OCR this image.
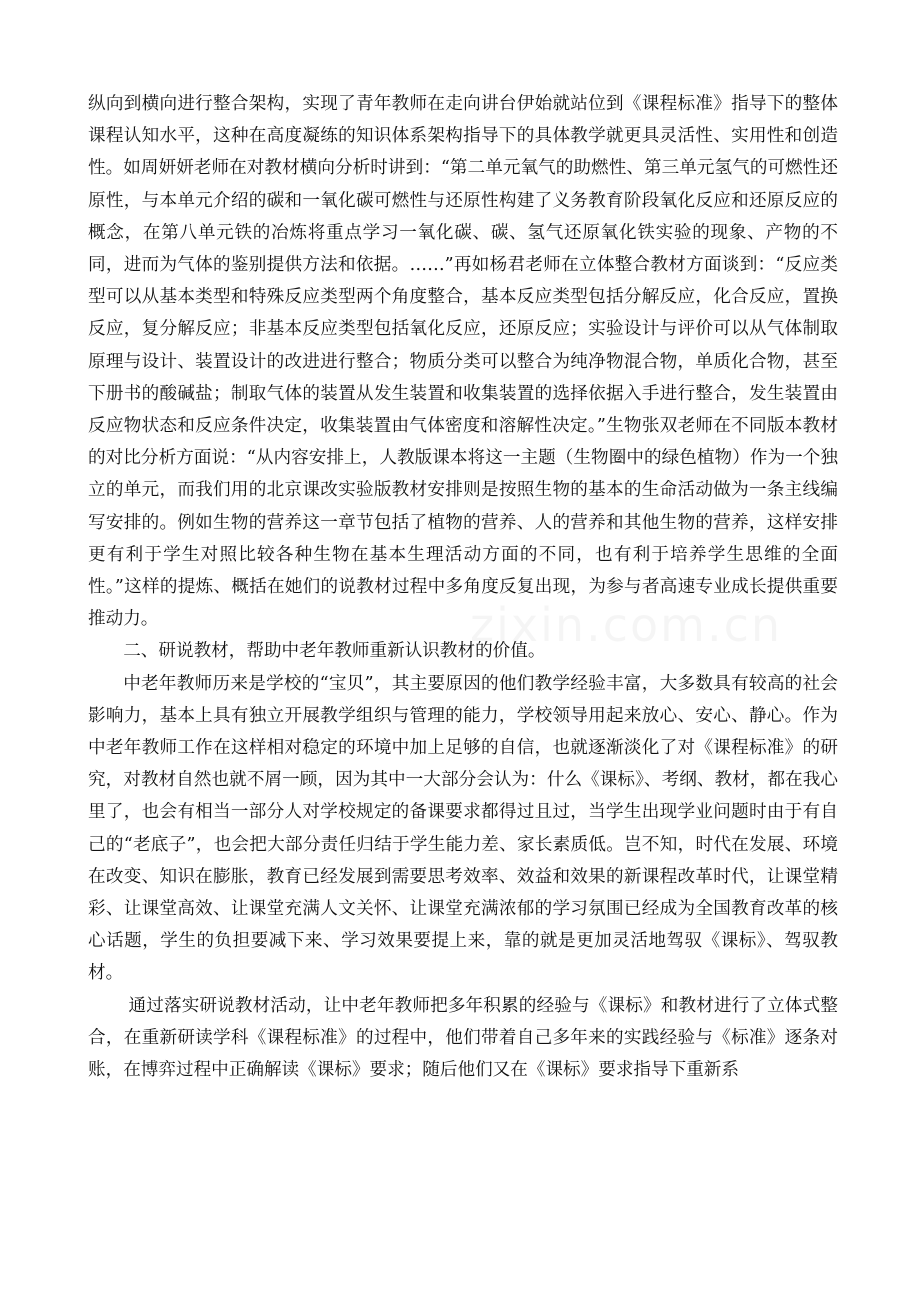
纵向到横向进行整合架构，实现了青年教师在走向讲台伊始就站位到《课程标准》指导下的整体课程认知水平，这种在高度凝练的知识体系架构指导下的具体教学就更具灵活性、实用性和创造性。如周妍妍老师在对教材横向分析时讲到：“第二单元氧气的助燃性、第三单元氢气的可燃性还原性，与本单元介绍的碳和一氧化碳可燃性与还原性构建了义务教育阶段氧化反应和还原反应的概念，在第八单元铁的冶炼将重点学习一氧化碳、碳、氢气还原氧化铁实验的现象、产物的不同，进而为气体的鉴别提供方法和依据。……”再如杨君老师在立体整合教材方面谈到：“反应类型可以从基本类型和特殊反应类型两个角度整合，基本反应类型包括分解反应，化合反应，置换反应，复分解反应；非基本反应类型包括氧化反应，还原反应；实验设计与评价可以从气体制取原理与设计、装置设计的改进进行整合；物质分类可以整合为纯净物混合物，单质化合物，甚至下册书的酸碱盐；制取气体的装置从发生装置和收集装置的选择依据入手进行整合，发生装置由反应物状态和反应条件决定，收集装置由气体密度和溶解性决定。”生物张双老师在不同版本教材的对比分析方面说：“从内容安排上，人教版课本将这一主题（生物圈中的绿色植物）作为一个独立的单元，而我们用的北京课改实验版教材安排则是按照生物的基本的生命活动做为一条主线编写安排的。例如生物的营养这一章节包括了植物的营养、人的营养和其他生物的营养，这样安排更有利于学生对照比较各种生物在基本生理活动方面的不同，也有利于培养学生思维的全面性。”这样的提炼、概括在她们的说教材过程中多角度反复出现，为参与者高速专业成长提供重要推动力。

二、研说教材，帮助中老年教师重新认识教材的价值。

中老年教师历来是学校的“宝贝”，其主要原因的他们教学经验丰富，大多数具有较高的社会影响力，基本上具有独立开展教学组织与管理的能力，学校领导用起来放心、安心、静心。作为中老年教师工作在这样相对稳定的环境中加上足够的自信，也就逐渐淡化了对《课程标准》的研究，对教材自然也就不屑一顾，因为其中一大部分会认为：什么《课标》、考纲、教材，都在我心里了，也会有相当一部分人对学校规定的备课要求都得过且过，当学生出现学业问题时由于有自己的“老底子”，也会把大部分责任归结于学生能力差、家长素质低。岂不知，时代在发展、环境在改变、知识在膨胀，教育已经发展到需要思考效率、效益和效果的新课程改革时代，让课堂精彩、让课堂高效、让课堂充满人文关怀、让课堂充满浓郁的学习氛围已经成为全国教育改革的核心话题，学生的负担要减下来、学习效果要提上来，靠的就是更加灵活地驾驭《课标》、驾驭教材。

通过落实研说教材活动，让中老年教师把多年积累的经验与《课标》和教材进行了立体式整合，在重新研读学科《课程标准》的过程中，他们带着自己多年来的实践经验与《标准》逐条对账，在博弈过程中正确解读《课标》要求；随后他们又在《课标》要求指导下重新系
